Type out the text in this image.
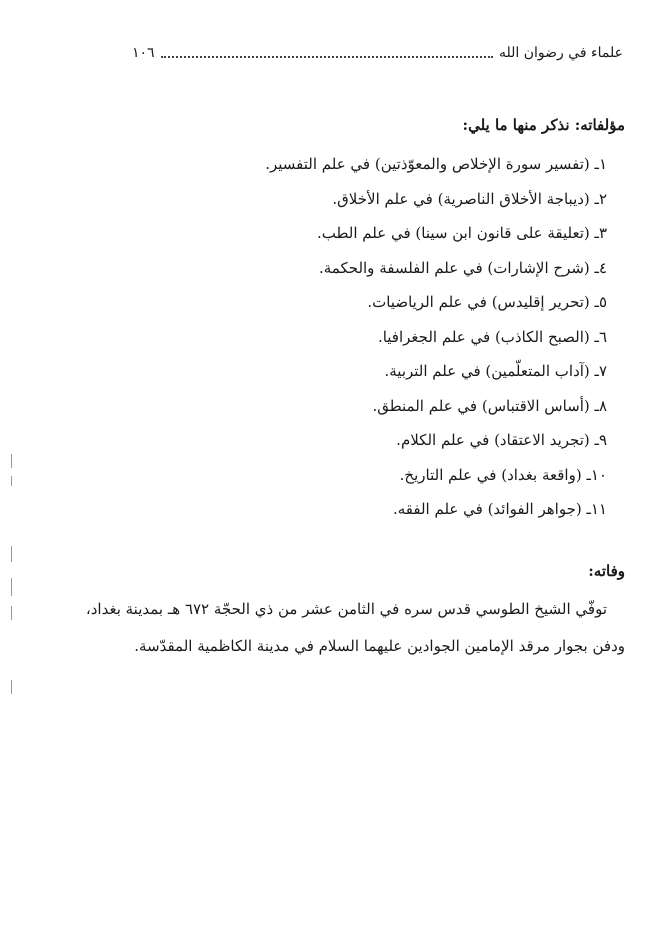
علماء في رضوان الله
١٠٦
مؤلفاته: نذكر منها ما يلي:
١ـ (تفسير سورة الإخلاص والمعوّذتين) في علم التفسير.
٢ـ (ديباجة الأخلاق الناصرية) في علم الأخلاق.
٣ـ (تعليقة على قانون ابن سينا) في علم الطب.
٤ـ (شرح الإشارات) في علم الفلسفة والحكمة.
٥ـ (تحرير إقليدس) في علم الرياضيات.
٦ـ (الصبح الكاذب) في علم الجغرافيا.
٧ـ (آداب المتعلّمين) في علم التربية.
٨ـ (أساس الاقتباس) في علم المنطق.
٩ـ (تجريد الاعتقاد) في علم الكلام.
١٠ـ (واقعة بغداد) في علم التاريخ.
١١ـ (جواهر الفوائد) في علم الفقه.
وفاته:
توفّي الشيخ الطوسي قدس سره في الثامن عشر من ذي الحجّة ٦٧٢ هـ بمدينة بغداد،
ودفن بجوار مرقد الإمامين الجوادين عليهما السلام في مدينة الكاظمية المقدّسة.
